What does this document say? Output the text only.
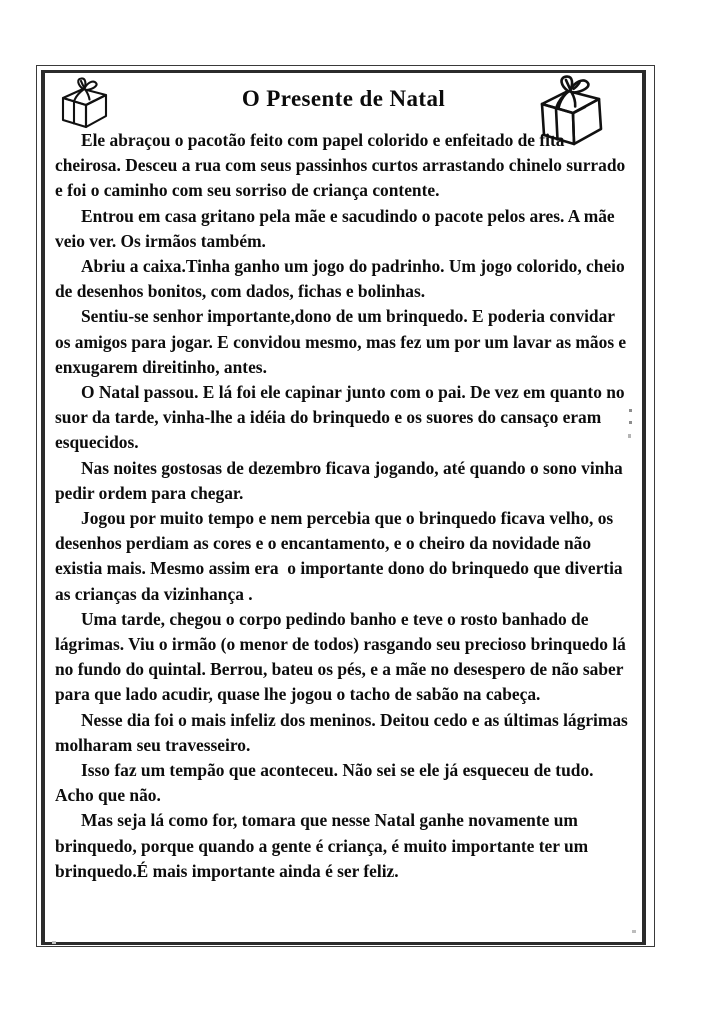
O Presente de Natal

Ele abraçou o pacotão feito com papel colorido e enfeitado de fita cheirosa. Desceu a rua com seus passinhos curtos arrastando chinelo surrado e foi o caminho com seu sorriso de criança contente.

Entrou em casa gritano pela mãe e sacudindo o pacote pelos ares. A mãe veio ver. Os irmãos também.

Abriu a caixa.Tinha ganho um jogo do padrinho. Um jogo colorido, cheio de desenhos bonitos, com dados, fichas e bolinhas.

Sentiu-se senhor importante,dono de um brinquedo. E poderia convidar os amigos para jogar. E convidou mesmo, mas fez um por um lavar as mãos e enxugarem direitinho, antes.

O Natal passou. E lá foi ele capinar junto com o pai. De vez em quanto no suor da tarde, vinha-lhe a idéia do brinquedo e os suores do cansaço eram esquecidos.

Nas noites gostosas de dezembro ficava jogando, até quando o sono vinha pedir ordem para chegar.

Jogou por muito tempo e nem percebia que o brinquedo ficava velho, os desenhos perdiam as cores e o encantamento, e o cheiro da novidade não existia mais. Mesmo assim era  o importante dono do brinquedo que divertia as crianças da vizinhança .

Uma tarde, chegou o corpo pedindo banho e teve o rosto banhado de lágrimas. Viu o irmão (o menor de todos) rasgando seu precioso brinquedo lá no fundo do quintal. Berrou, bateu os pés, e a mãe no desespero de não saber para que lado acudir, quase lhe jogou o tacho de sabão na cabeça.

Nesse dia foi o mais infeliz dos meninos. Deitou cedo e as últimas lágrimas molharam seu travesseiro.

Isso faz um tempão que aconteceu. Não sei se ele já esqueceu de tudo. Acho que não.

Mas seja lá como for, tomara que nesse Natal ganhe novamente um brinquedo, porque quando a gente é criança, é muito importante ter um brinquedo.É mais importante ainda é ser feliz.
